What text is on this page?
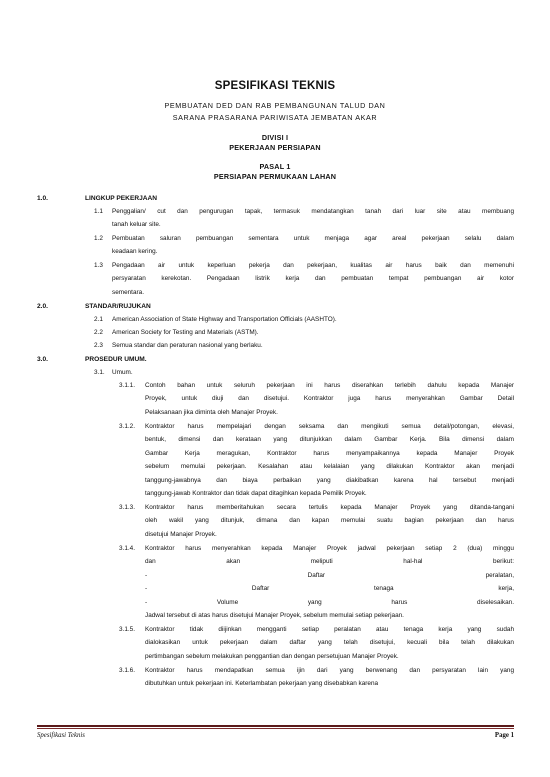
SPESIFIKASI TEKNIS
PEMBUATAN DED DAN RAB PEMBANGUNAN TALUD DAN
SARANA PRASARANA PARIWISATA JEMBATAN AKAR
DIVISI I
PEKERJAAN PERSIAPAN
PASAL 1
PERSIAPAN PERMUKAAN LAHAN
1.0.	LINGKUP PEKERJAAN
1.1 Penggalian/ cut dan pengurugan tapak, termasuk mendatangkan tanah dari luar site atau membuang
tanah keluar site.
1.2 Pembuatan saluran pembuangan sementara untuk menjaga agar areal pekerjaan selalu dalam
keadaan kering.
1.3 Pengadaan air untuk keperluan pekerja dan pekerjaan, kualitas air harus baik dan memenuhi
persyaratan kerekotan. Pengadaan listrik kerja dan pembuatan tempat pembuangan air kotor
sementara.
2.0.	STANDAR/RUJUKAN
2.1 American Association of State Highway and Transportation Officials (AASHTO).
2.2 American Society for Testing and Materials (ASTM).
2.3 Semua standar dan peraturan nasional yang berlaku.
3.0.	PROSEDUR UMUM.
3.1. Umum.
3.1.1. Contoh bahan untuk seluruh pekerjaan ini harus diserahkan terlebih dahulu kepada Manajer
Proyek, untuk diuji dan disetujui. Kontraktor juga harus menyerahkan Gambar Detail
Pelaksanaan jika diminta oleh Manajer Proyek.
3.1.2. Kontraktor harus mempelajari dengan seksama dan mengikuti semua detail/potongan, elevasi,
bentuk, dimensi dan kerataan yang ditunjukkan dalam Gambar Kerja. Bila dimensi dalam
Gambar Kerja meragukan, Kontraktor harus menyampaikannya kepada Manajer Proyek
sebelum memulai pekerjaan. Kesalahan atau kelalaian yang dilakukan Kontraktor akan menjadi
tanggung-jawabnya dan biaya perbaikan yang diakibatkan karena hal tersebut menjadi
tanggung-jawab Kontraktor dan tidak dapat ditagihkan kepada Pemilik Proyek.
3.1.3. Kontraktor harus memberitahukan secara tertulis kepada Manajer Proyek yang ditanda-tangani
oleh wakil yang ditunjuk, dimana dan kapan memulai suatu bagian pekerjaan dan harus
disetujui Manajer Proyek.
3.1.4. Kontraktor harus menyerahkan kepada Manajer Proyek jadwal pekerjaan setiap 2 (dua) minggu
dan akan meliputi hal-hal berikut:
- Daftar peralatan,
- Daftar tenaga kerja,
- Volume yang harus diselesaikan.
Jadwal tersebut di atas harus disetujui Manajer Proyek, sebelum memulai setiap pekerjaan.
3.1.5. Kontraktor tidak diijinkan mengganti setiap peralatan atau tenaga kerja yang sudah
dialokasikan untuk pekerjaan dalam daftar yang telah disetujui, kecuali bila telah dilakukan
pertimbangan sebelum melakukan penggantian dan dengan persetujuan Manajer Proyek.
3.1.6. Kontraktor harus mendapatkan semua ijin dari yang berwenang dan persyaratan lain yang
dibutuhkan untuk pekerjaan ini. Keterlambatan pekerjaan yang disebabkan karena
Spesifikasi Teknis	Page 1
